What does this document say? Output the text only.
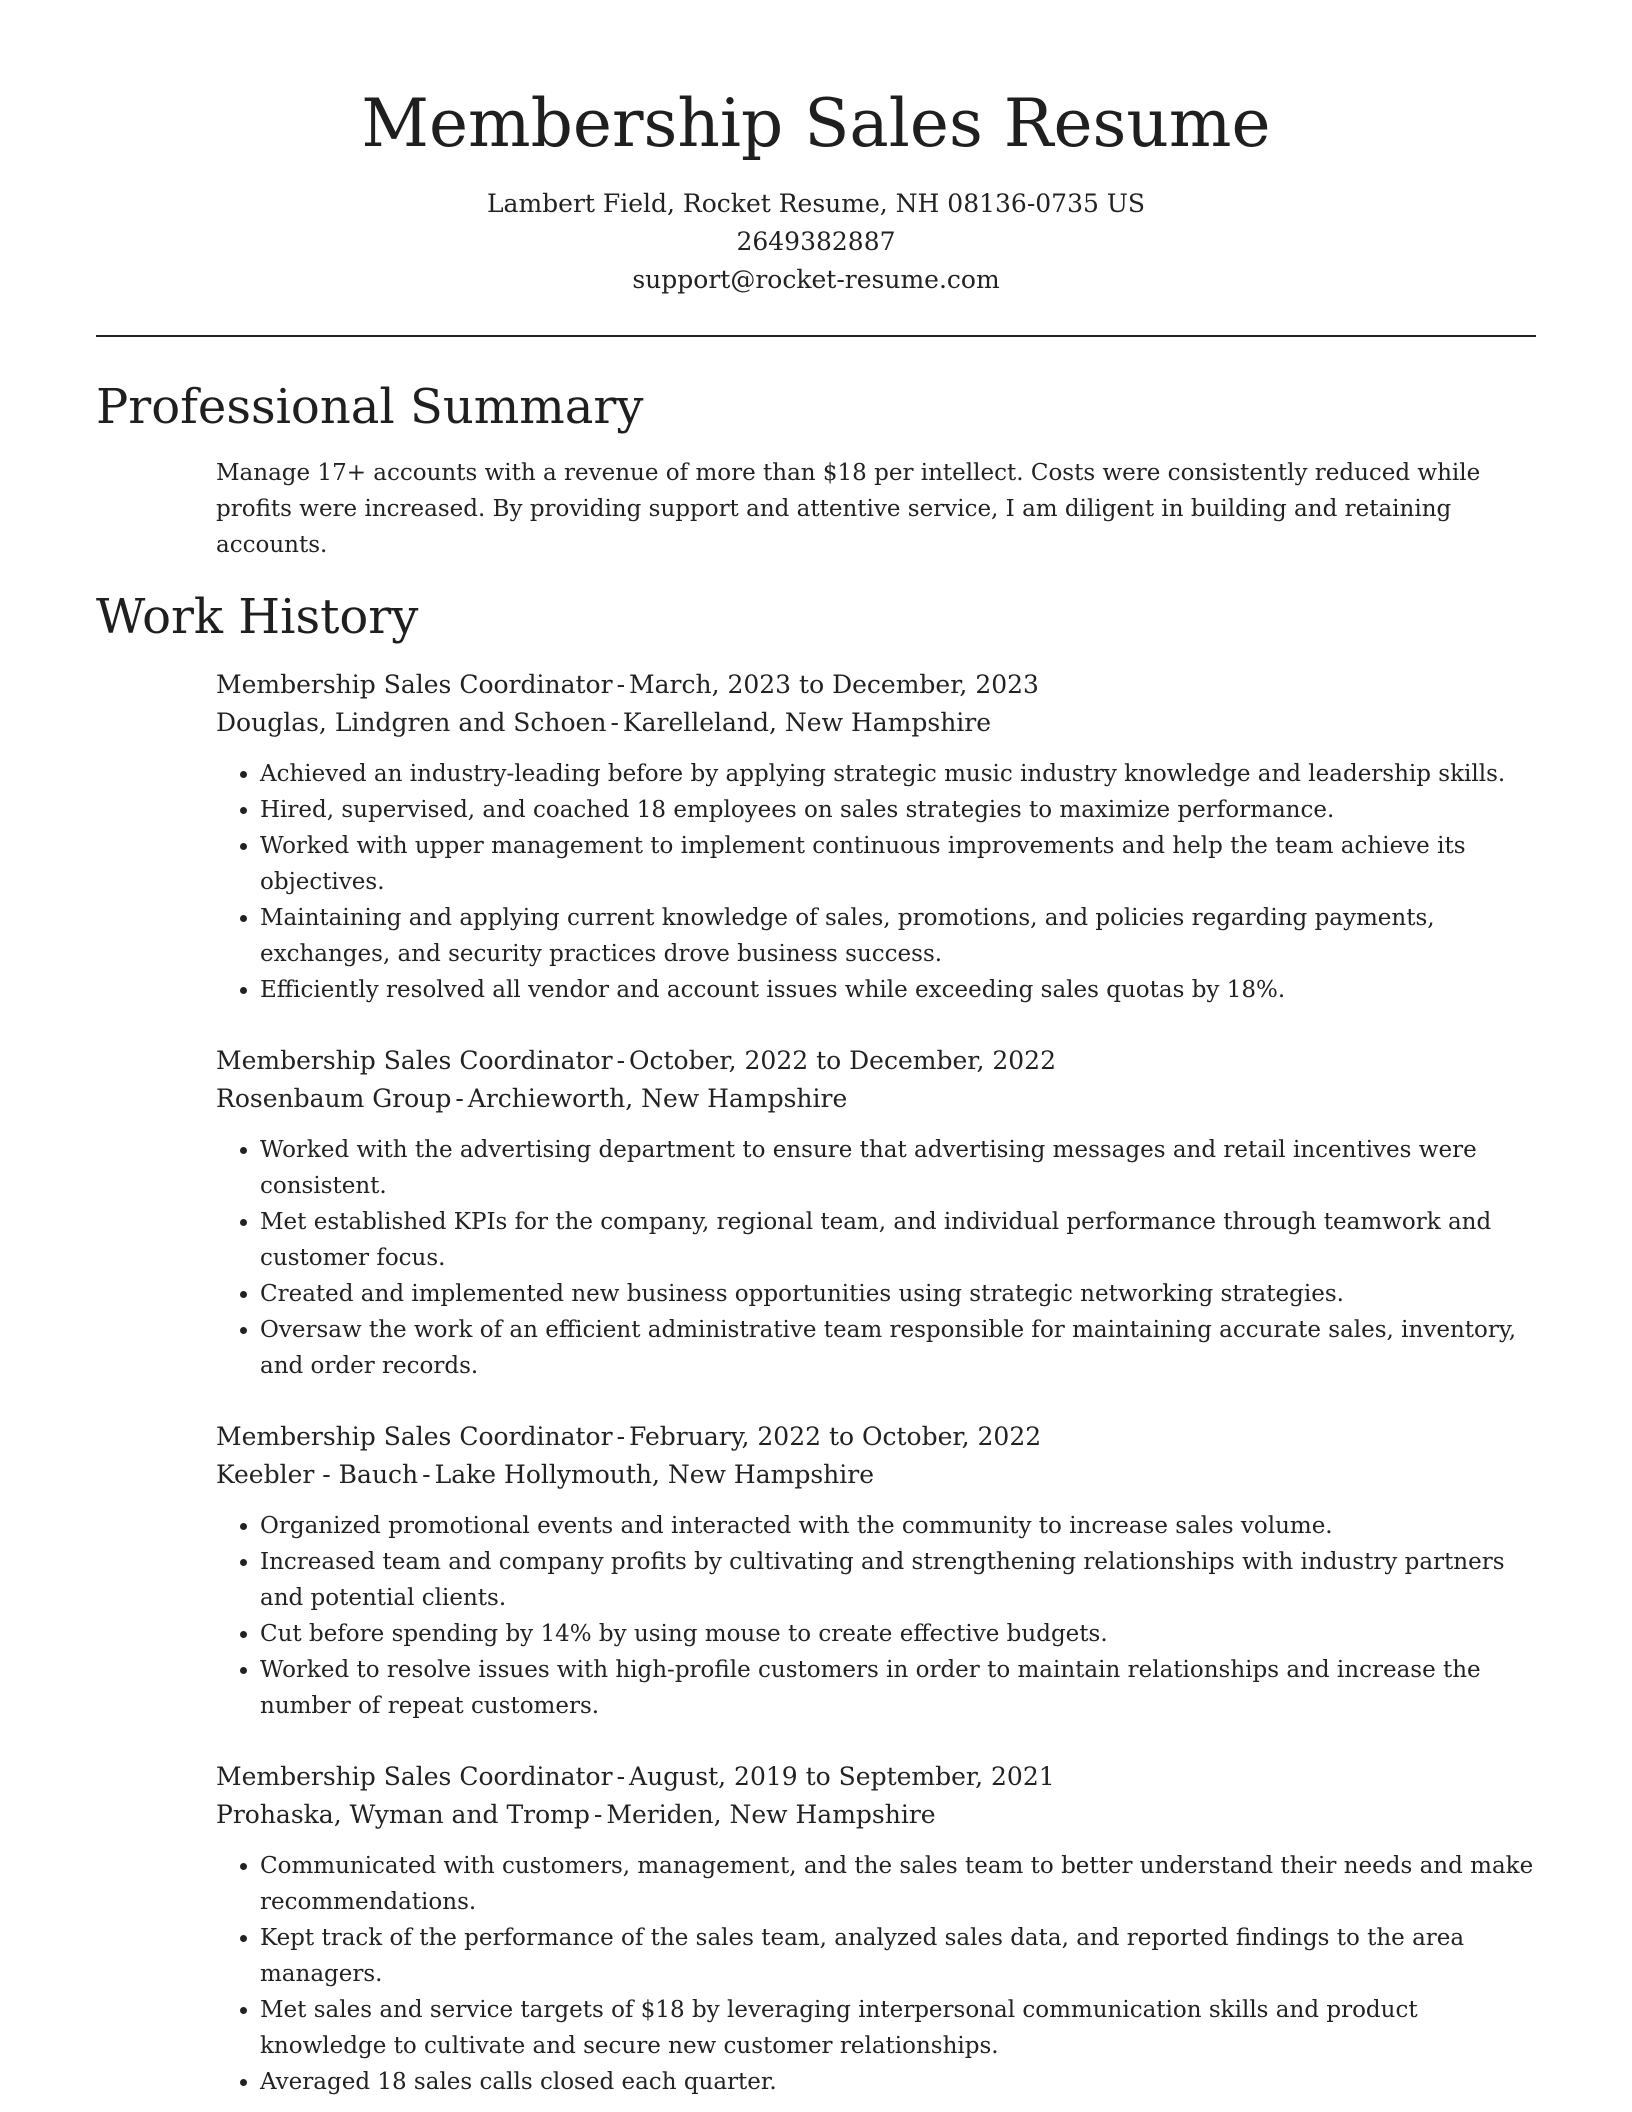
Membership Sales Resume

Lambert Field, Rocket Resume, NH 08136-0735 US

2649382887

support@rocket-resume.com

Professional Summary

Manage 17+ accounts with a revenue of more than $18 per intellect. Costs were consistently reduced while profits were increased. By providing support and attentive service, I am diligent in building and retaining accounts.

Work History

Membership Sales Coordinator - March, 2023 to December, 2023

Douglas, Lindgren and Schoen - Karelleland, New Hampshire

• Achieved an industry-leading before by applying strategic music industry knowledge and leadership skills.
• Hired, supervised, and coached 18 employees on sales strategies to maximize performance.
• Worked with upper management to implement continuous improvements and help the team achieve its objectives.
• Maintaining and applying current knowledge of sales, promotions, and policies regarding payments, exchanges, and security practices drove business success.
• Efficiently resolved all vendor and account issues while exceeding sales quotas by 18%.

Membership Sales Coordinator - October, 2022 to December, 2022

Rosenbaum Group - Archieworth, New Hampshire

• Worked with the advertising department to ensure that advertising messages and retail incentives were consistent.
• Met established KPIs for the company, regional team, and individual performance through teamwork and customer focus.
• Created and implemented new business opportunities using strategic networking strategies.
• Oversaw the work of an efficient administrative team responsible for maintaining accurate sales, inventory, and order records.

Membership Sales Coordinator - February, 2022 to October, 2022

Keebler - Bauch - Lake Hollymouth, New Hampshire

• Organized promotional events and interacted with the community to increase sales volume.
• Increased team and company profits by cultivating and strengthening relationships with industry partners and potential clients.
• Cut before spending by 14% by using mouse to create effective budgets.
• Worked to resolve issues with high-profile customers in order to maintain relationships and increase the number of repeat customers.

Membership Sales Coordinator - August, 2019 to September, 2021

Prohaska, Wyman and Tromp - Meriden, New Hampshire

• Communicated with customers, management, and the sales team to better understand their needs and make recommendations.
• Kept track of the performance of the sales team, analyzed sales data, and reported findings to the area managers.
• Met sales and service targets of $18 by leveraging interpersonal communication skills and product knowledge to cultivate and secure new customer relationships.
• Averaged 18 sales calls closed each quarter.
